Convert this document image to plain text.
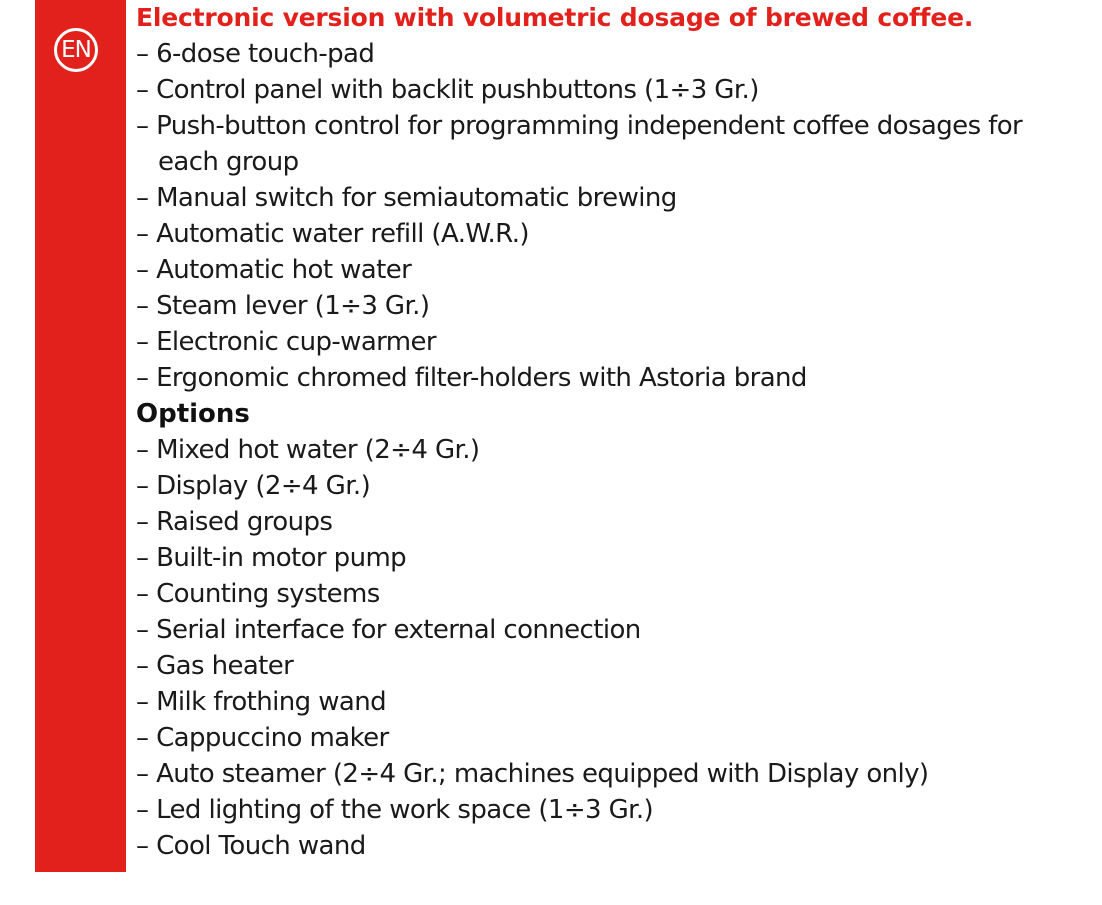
EN
Electronic version with volumetric dosage of brewed coffee.
– 6-dose touch-pad
– Control panel with backlit pushbuttons (1÷3 Gr.)
– Push-button control for programming independent coffee dosages for each group
– Manual switch for semiautomatic brewing
– Automatic water refill (A.W.R.)
– Automatic hot water
– Steam lever (1÷3 Gr.)
– Electronic cup-warmer
– Ergonomic chromed filter-holders with Astoria brand
Options
– Mixed hot water (2÷4 Gr.)
– Display (2÷4 Gr.)
– Raised groups
– Built-in motor pump
– Counting systems
– Serial interface for external connection
– Gas heater
– Milk frothing wand
– Cappuccino maker
– Auto steamer (2÷4 Gr.; machines equipped with Display only)
– Led lighting of the work space (1÷3 Gr.)
– Cool Touch wand
